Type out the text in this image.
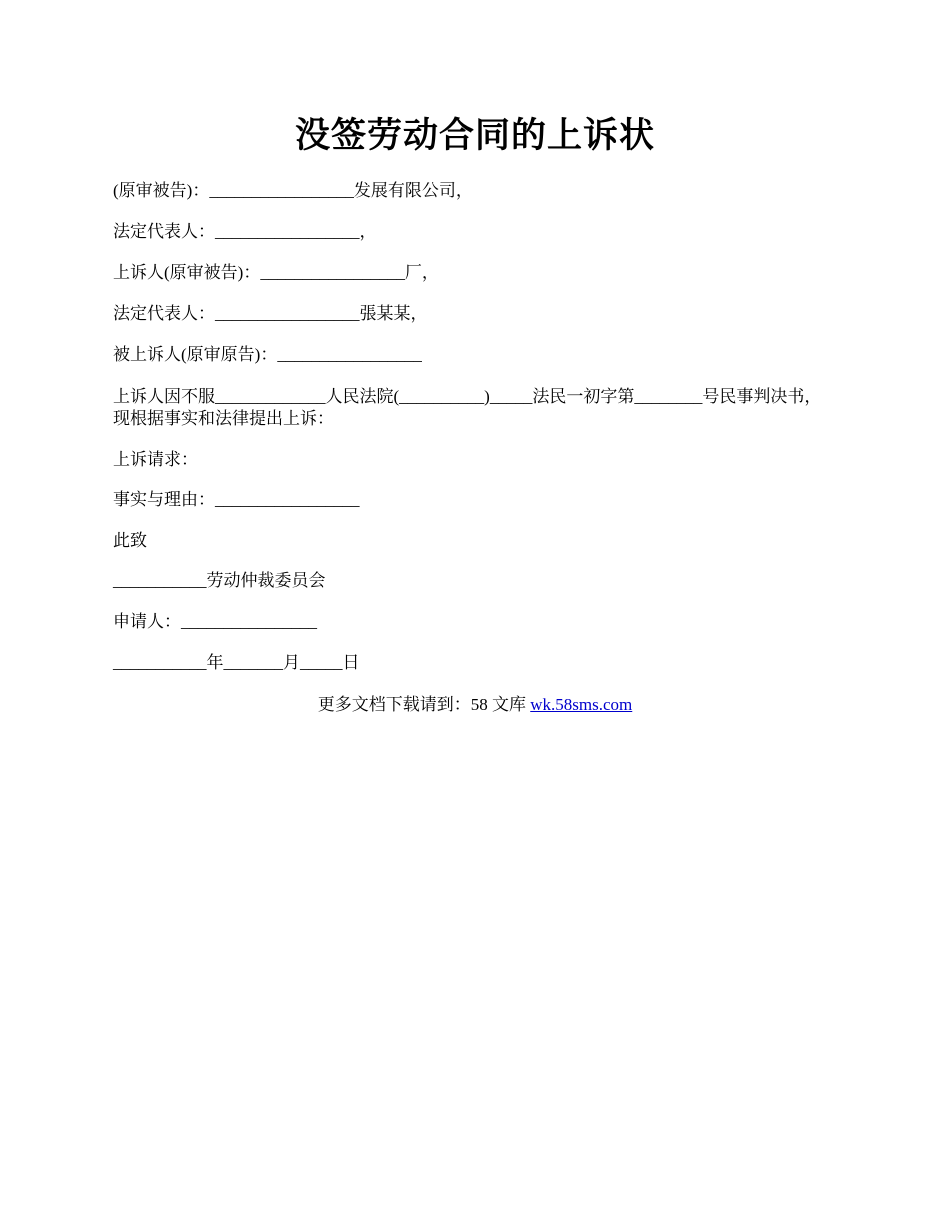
没签劳动合同的上诉状
(原审被告)：_________________发展有限公司，
法定代表人：_________________，
上诉人(原审被告)：_________________厂，
法定代表人：_________________張某某，
被上诉人(原审原告)：_________________
上诉人因不服_____________人民法院(__________)_____法民一初字第________号民事判决书，现根据事实和法律提出上诉：
上诉请求：
事实与理由：_________________
此致
___________劳动仲裁委员会
申请人：________________
___________年_______月_____日
更多文档下载请到：58 文库 wk.58sms.com
